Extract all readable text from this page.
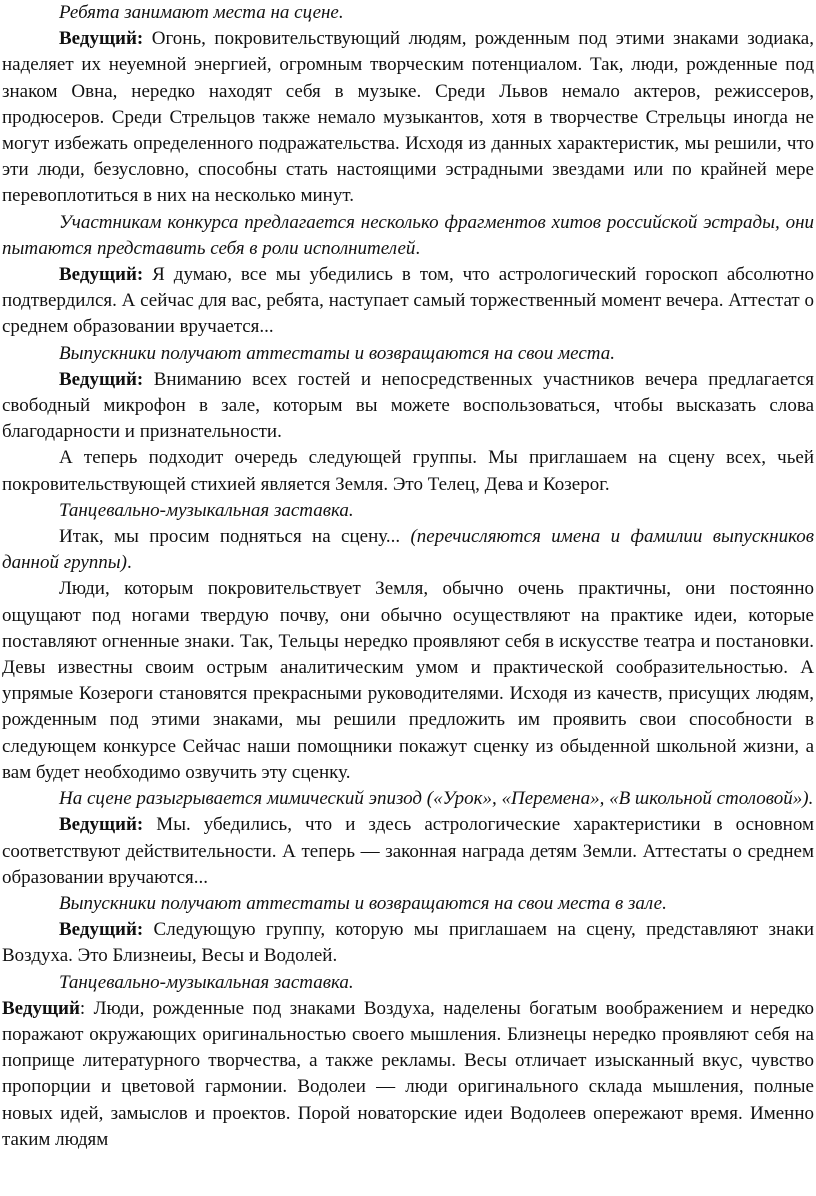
Ребята занимают места на сцене.

Ведущий: Огонь, покровительствующий людям, рожденным под этими знаками зодиака, наделяет их неуемной энергией, огромным творческим потенциалом. Так, люди, рожденные под знаком Овна, нередко находят себя в музыке. Среди Львов немало актеров, режиссеров, продюсеров. Среди Стрельцов также немало музыкантов, хотя в творчестве Стрельцы иногда не могут избежать определенного подражательства. Исходя из данных характеристик, мы решили, что эти люди, безусловно, способны стать настоящими эстрадными звездами или по крайней мере перевоплотиться в них на несколько минут.

Участникам конкурса предлагается несколько фрагментов хитов российской эстрады, они пытаются представить себя в роли исполнителей.

Ведущий: Я думаю, все мы убедились в том, что астрологический гороскоп абсолютно подтвердился. А сейчас для вас, ребята, наступает самый торжественный момент вечера. Аттестат о среднем образовании вручается...

Выпускники получают аттестаты и возвращаются на свои места.

Ведущий: Вниманию всех гостей и непосредственных участников вечера предлагается свободный микрофон в зале, которым вы можете воспользоваться, чтобы высказать слова благодарности и признательности.

А теперь подходит очередь следующей группы. Мы приглашаем на сцену всех, чьей покровительствующей стихией является Земля. Это Телец, Дева и Козерог.

Танцевально-музыкальная заставка.

Итак, мы просим подняться на сцену... (перечисляются имена и фамилии выпускников данной группы).

Люди, которым покровительствует Земля, обычно очень практичны, они постоянно ощущают под ногами твердую почву, они обычно осуществляют на практике идеи, которые поставляют огненные знаки. Так, Тельцы нередко проявляют себя в искусстве театра и постановки. Девы известны своим острым аналитическим умом и практической сообразительностью. А упрямые Козероги становятся прекрасными руководителями. Исходя из качеств, присущих людям, рожденным под этими знаками, мы решили предложить им проявить свои способности в следующем конкурсе Сейчас наши помощники покажут сценку из обыденной школьной жизни, а вам будет необходимо озвучить эту сценку.

На сцене разыгрывается мимический эпизод («Урок», «Перемена», «В школьной столовой»).

Ведущий: Мы. убедились, что и здесь астрологические характеристики в основном соответствуют действительности. А теперь — законная награда детям Земли. Аттестаты о среднем образовании вручаются...

Выпускники получают аттестаты и возвращаются на свои места в зале.

Ведущий: Следующую группу, которую мы приглашаем на сцену, представляют знаки Воздуха. Это Близнеиы, Весы и Водолей.

Танцевально-музыкальная заставка.

Ведущий: Люди, рожденные под знаками Воздуха, наделены богатым воображением и нередко поражают окружающих оригинальностью своего мышления. Близнецы нередко проявляют себя на поприще литературного творчества, а также рекламы. Весы отличает изысканный вкус, чувство пропорции и цветовой гармонии. Водолеи — люди оригинального склада мышления, полные новых идей, замыслов и проектов. Порой новаторские идеи Водолеев опережают время. Именно таким людям
